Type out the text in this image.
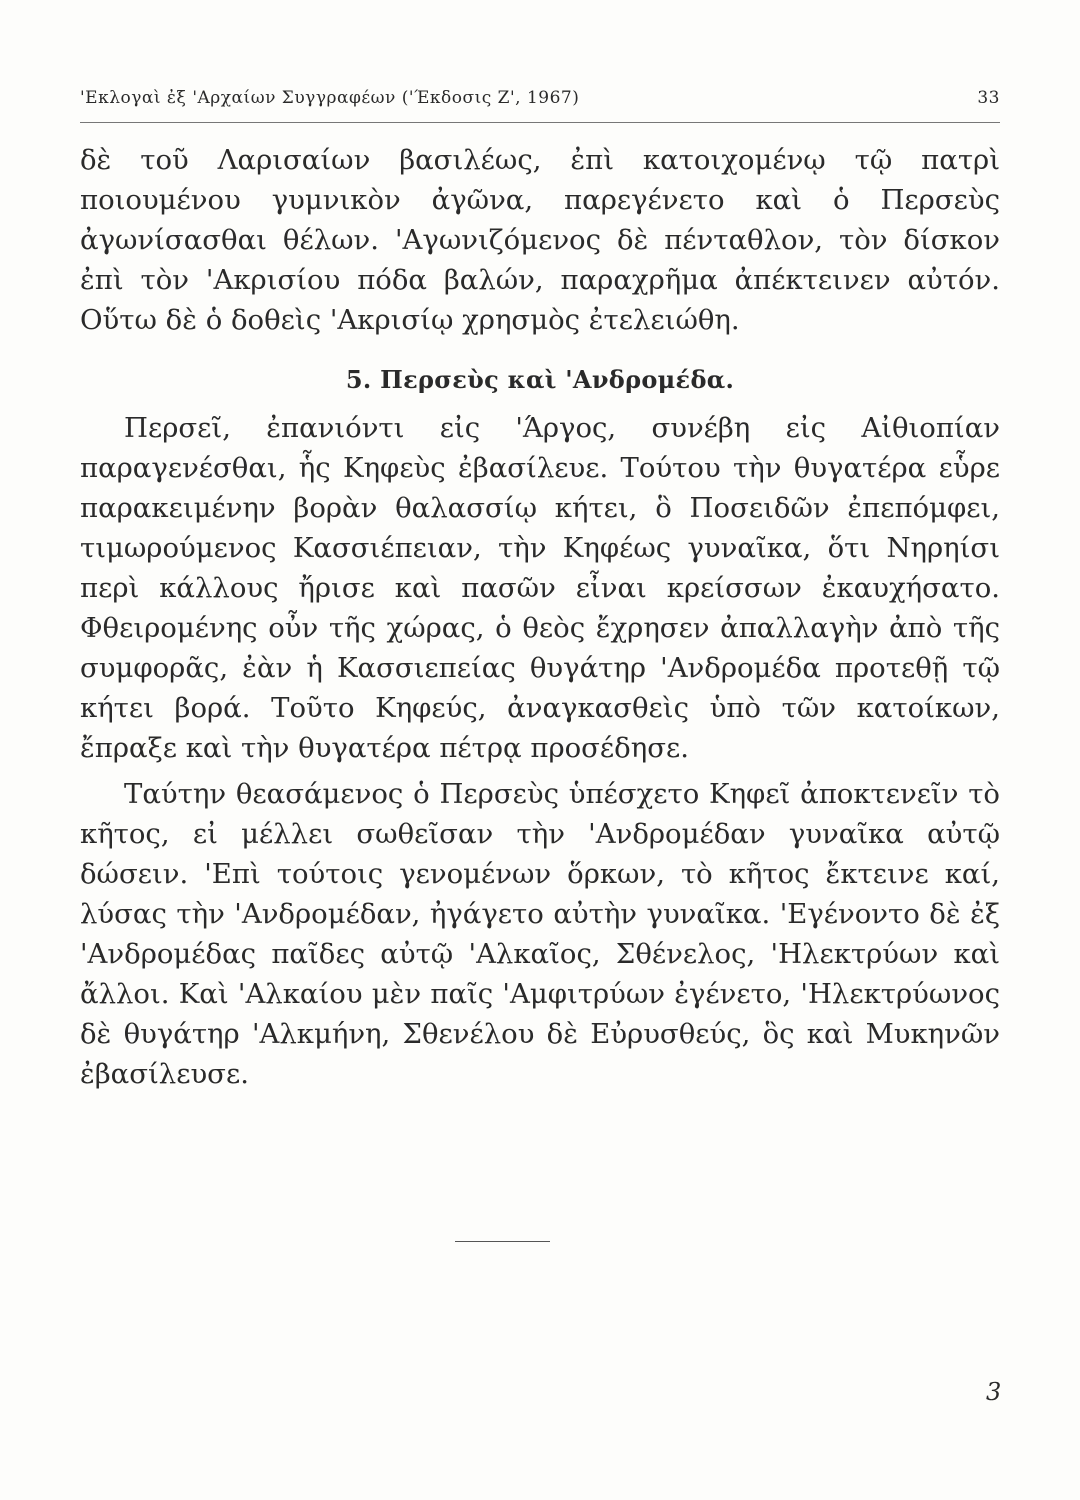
'Εκλογαὶ ἐξ 'Αρχαίων Συγγραφέων ('Έκδοσις Ζ', 1967)	33

δὲ τοῦ Λαρισαίων βασιλέως, ἐπὶ κατοιχομένῳ τῷ πατρὶ ποιουμένου γυμνικὸν ἀγῶνα, παρεγένετο καὶ ὁ Περσεὺς ἀγωνίσασθαι θέλων. 'Αγωνιζόμενος δὲ πένταθλον, τὸν δίσκον ἐπὶ τὸν 'Ακρισίου πόδα βαλών, παραχρῆμα ἀπέκτεινεν αὐτόν. Οὕτω δὲ ὁ δοθεὶς 'Ακρισίῳ χρησμὸς ἐτελειώθη.

5. Περσεὺς καὶ 'Ανδρομέδα.

Περσεῖ, ἐπανιόντι εἰς 'Άργος, συνέβη εἰς Αἰθιοπίαν παραγενέσθαι, ἧς Κηφεὺς ἐβασίλευε. Τούτου τὴν θυγατέρα εὗρε παρακειμένην βορὰν θαλασσίῳ κήτει, ὃ Ποσειδῶν ἐπεπόμφει, τιμωρούμενος Κασσιέπειαν, τὴν Κηφέως γυναῖκα, ὅτι Νηρηίσι περὶ κάλλους ἤρισε καὶ πασῶν εἶναι κρείσσων ἐκαυχήσατο. Φθειρομένης οὖν τῆς χώρας, ὁ θεὸς ἔχρησεν ἀπαλλαγὴν ἀπὸ τῆς συμφορᾶς, ἐὰν ἡ Κασσιεπείας θυγάτηρ 'Ανδρομέδα προτεθῇ τῷ κήτει βορά. Τοῦτο Κηφεύς, ἀναγκασθεὶς ὑπὸ τῶν κατοίκων, ἔπραξε καὶ τὴν θυγατέρα πέτρᾳ προσέδησε.

Ταύτην θεασάμενος ὁ Περσεὺς ὑπέσχετο Κηφεῖ ἀποκτενεῖν τὸ κῆτος, εἰ μέλλει σωθεῖσαν τὴν 'Ανδρομέδαν γυναῖκα αὐτῷ δώσειν. 'Επὶ τούτοις γενομένων ὅρκων, τὸ κῆτος ἔκτεινε καί, λύσας τὴν 'Ανδρομέδαν, ἠγάγετο αὐτὴν γυναῖκα. 'Εγένοντο δὲ ἐξ 'Ανδρομέδας παῖδες αὐτῷ 'Αλκαῖος, Σθένελος, 'Ηλεκτρύων καὶ ἄλλοι. Καὶ 'Αλκαίου μὲν παῖς 'Αμφιτρύων ἐγένετο, 'Ηλεκτρύωνος δὲ θυγάτηρ 'Αλκμήνη, Σθενέλου δὲ Εὐρυσθεύς, ὃς καὶ Μυκηνῶν ἐβασίλευσε.

3
